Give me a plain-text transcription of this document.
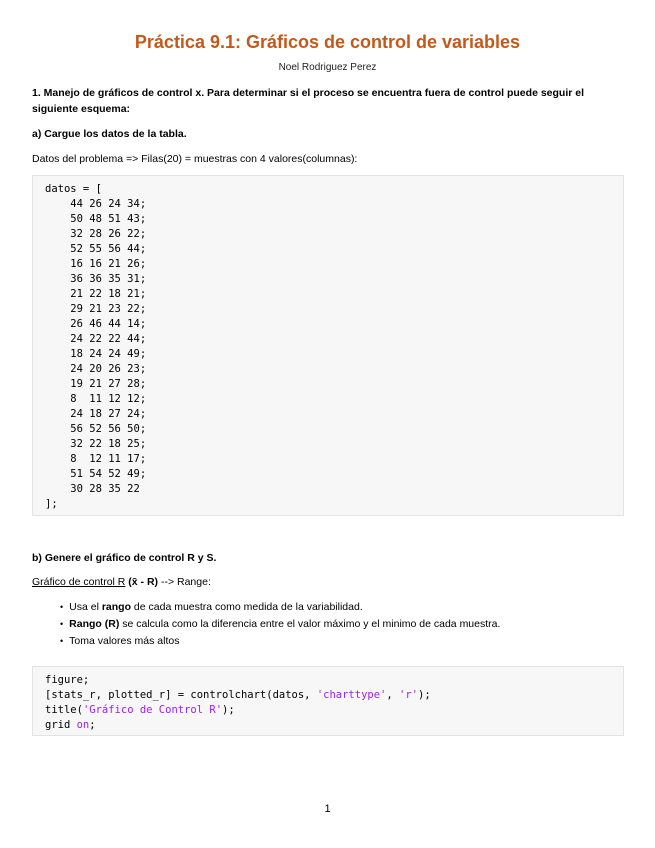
Práctica 9.1: Gráficos de control de variables
Noel Rodriguez Perez
1. Manejo de gráficos de control x. Para determinar si el proceso se encuentra fuera de control puede seguir el siguiente esquema:
a) Cargue los datos de la tabla.
Datos del problema => Filas(20) = muestras con 4 valores(columnas):
datos = [
44 26 24 34;
50 48 51 43;
32 28 26 22;
52 55 56 44;
16 16 21 26;
36 36 35 31;
21 22 18 21;
29 21 23 22;
26 46 44 14;
24 22 22 44;
18 24 24 49;
24 20 26 23;
19 21 27 28;
8  11 12 12;
24 18 27 24;
56 52 56 50;
32 22 18 25;
8  12 11 17;
51 54 52 49;
30 28 35 22
];
b) Genere el gráfico de control R y S.
Gráfico de control R (x̄ - R) --> Range:
• Usa el rango de cada muestra como medida de la variabilidad.
• Rango (R) se calcula como la diferencia entre el valor máximo y el minimo de cada muestra.
• Toma valores más altos
figure;
[stats_r, plotted_r] = controlchart(datos, 'charttype', 'r');
title('Gráfico de Control R');
grid on;
1
